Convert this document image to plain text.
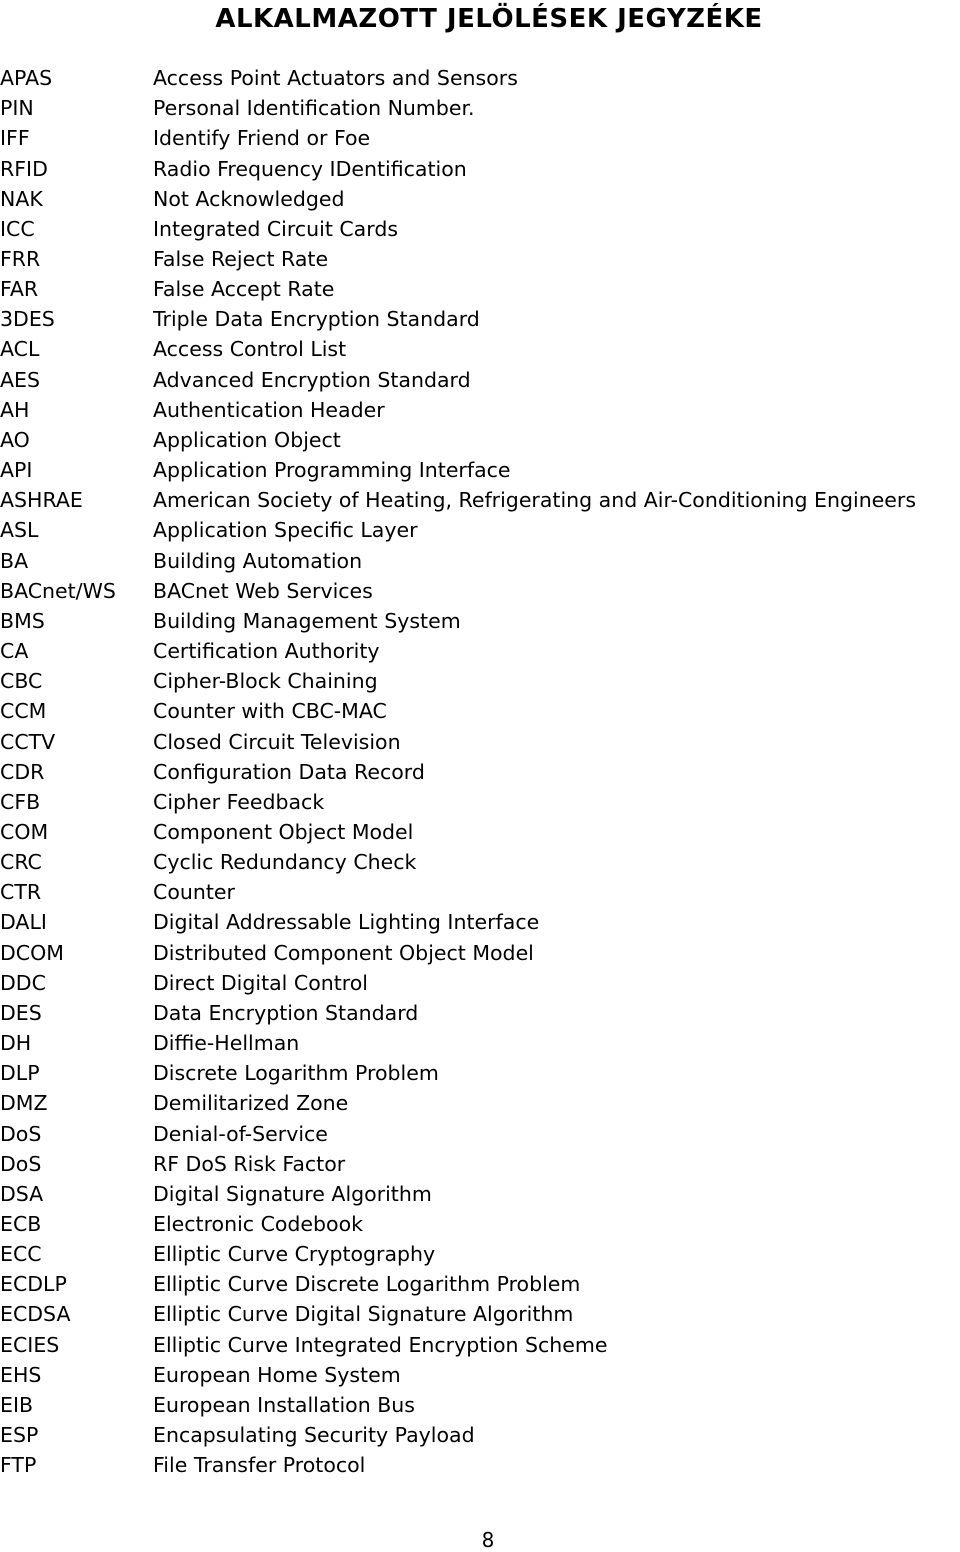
ALKALMAZOTT JELÖLÉSEK JEGYZÉKE
APAS	Access Point Actuators and Sensors
PIN	Personal Identification Number.
IFF	Identify Friend or Foe
RFID	Radio Frequency IDentification
NAK	Not Acknowledged
ICC	Integrated Circuit Cards
FRR	False Reject Rate
FAR	False Accept Rate
3DES	Triple Data Encryption Standard
ACL	Access Control List
AES	Advanced Encryption Standard
AH	Authentication Header
AO	Application Object
API	Application Programming Interface
ASHRAE	American Society of Heating, Refrigerating and Air-Conditioning Engineers
ASL	Application Specific Layer
BA	Building Automation
BACnet/WS	BACnet Web Services
BMS	Building Management System
CA	Certification Authority
CBC	Cipher-Block Chaining
CCM	Counter with CBC-MAC
CCTV	Closed Circuit Television
CDR	Configuration Data Record
CFB	Cipher Feedback
COM	Component Object Model
CRC	Cyclic Redundancy Check
CTR	Counter
DALI	Digital Addressable Lighting Interface
DCOM	Distributed Component Object Model
DDC	Direct Digital Control
DES	Data Encryption Standard
DH	Diffie-Hellman
DLP	Discrete Logarithm Problem
DMZ	Demilitarized Zone
DoS	Denial-of-Service
DoS	RF DoS Risk Factor
DSA	Digital Signature Algorithm
ECB	Electronic Codebook
ECC	Elliptic Curve Cryptography
ECDLP	Elliptic Curve Discrete Logarithm Problem
ECDSA	Elliptic Curve Digital Signature Algorithm
ECIES	Elliptic Curve Integrated Encryption Scheme
EHS	European Home System
EIB	European Installation Bus
ESP	Encapsulating Security Payload
FTP	File Transfer Protocol
8
